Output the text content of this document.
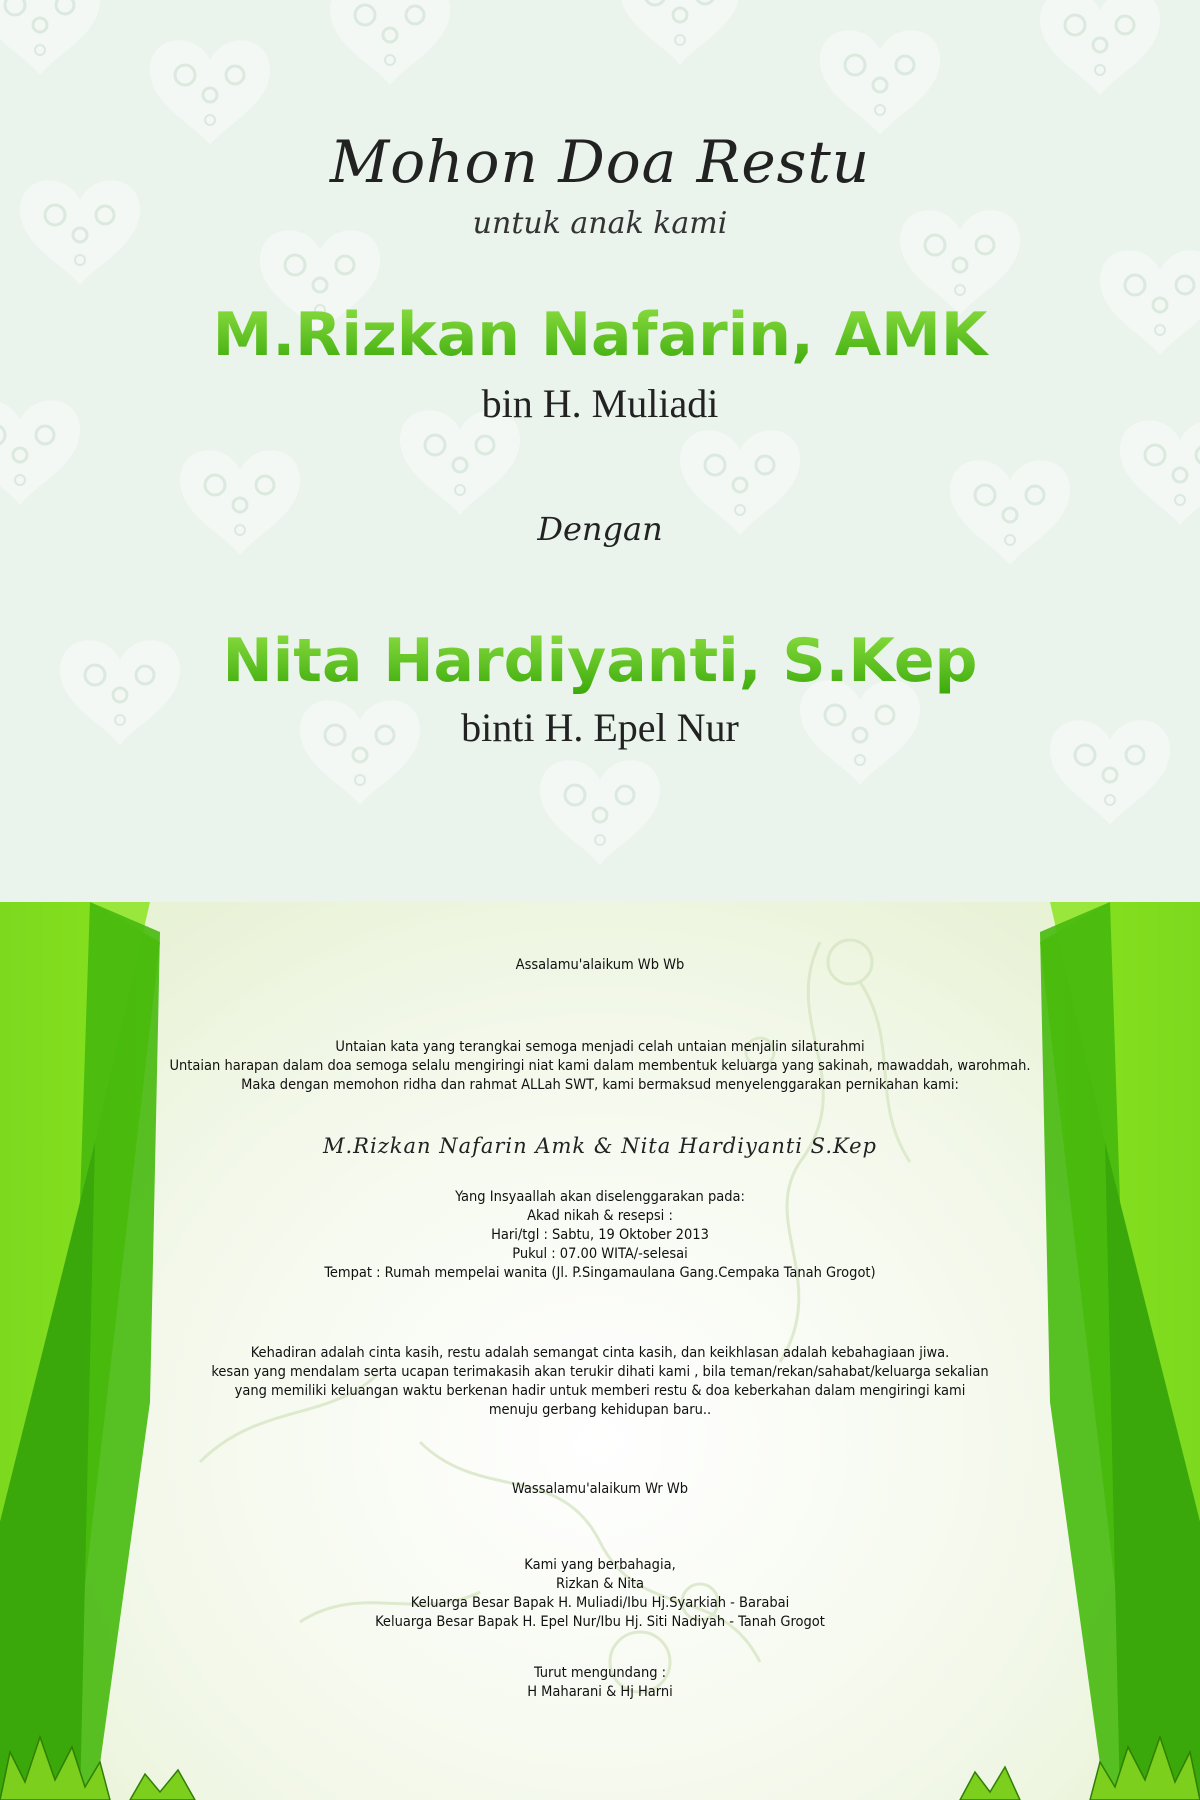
Mohon Doa Restu
untuk anak kami
M.Rizkan Nafarin, AMK
bin H. Muliadi
Dengan
Nita Hardiyanti, S.Kep
binti H. Epel Nur
Assalamu'alaikum Wb Wb
Untaian kata yang terangkai semoga menjadi celah untaian menjalin silaturahmi
Untaian harapan dalam doa semoga selalu mengiringi niat kami dalam membentuk keluarga yang sakinah, mawaddah, warohmah.
Maka dengan memohon ridha dan rahmat ALLah SWT, kami bermaksud menyelenggarakan pernikahan kami:
M.Rizkan Nafarin Amk & Nita Hardiyanti S.Kep
Yang Insyaallah akan diselenggarakan pada:
Akad nikah & resepsi :
Hari/tgl : Sabtu, 19 Oktober 2013
Pukul : 07.00 WITA/-selesai
Tempat : Rumah mempelai wanita (Jl. P.Singamaulana Gang.Cempaka Tanah Grogot)
Kehadiran adalah cinta kasih, restu adalah semangat cinta kasih, dan keikhlasan adalah kebahagiaan jiwa.
kesan yang mendalam serta ucapan terimakasih akan terukir dihati kami , bila teman/rekan/sahabat/keluarga sekalian
yang memiliki keluangan waktu berkenan hadir untuk memberi restu & doa keberkahan dalam mengiringi kami
menuju gerbang kehidupan baru..
Wassalamu'alaikum Wr Wb
Kami yang berbahagia,
Rizkan & Nita
Keluarga Besar Bapak H. Muliadi/Ibu Hj.Syarkiah - Barabai
Keluarga Besar Bapak H. Epel Nur/Ibu Hj. Siti Nadiyah - Tanah Grogot
Turut mengundang :
H Maharani & Hj Harni
